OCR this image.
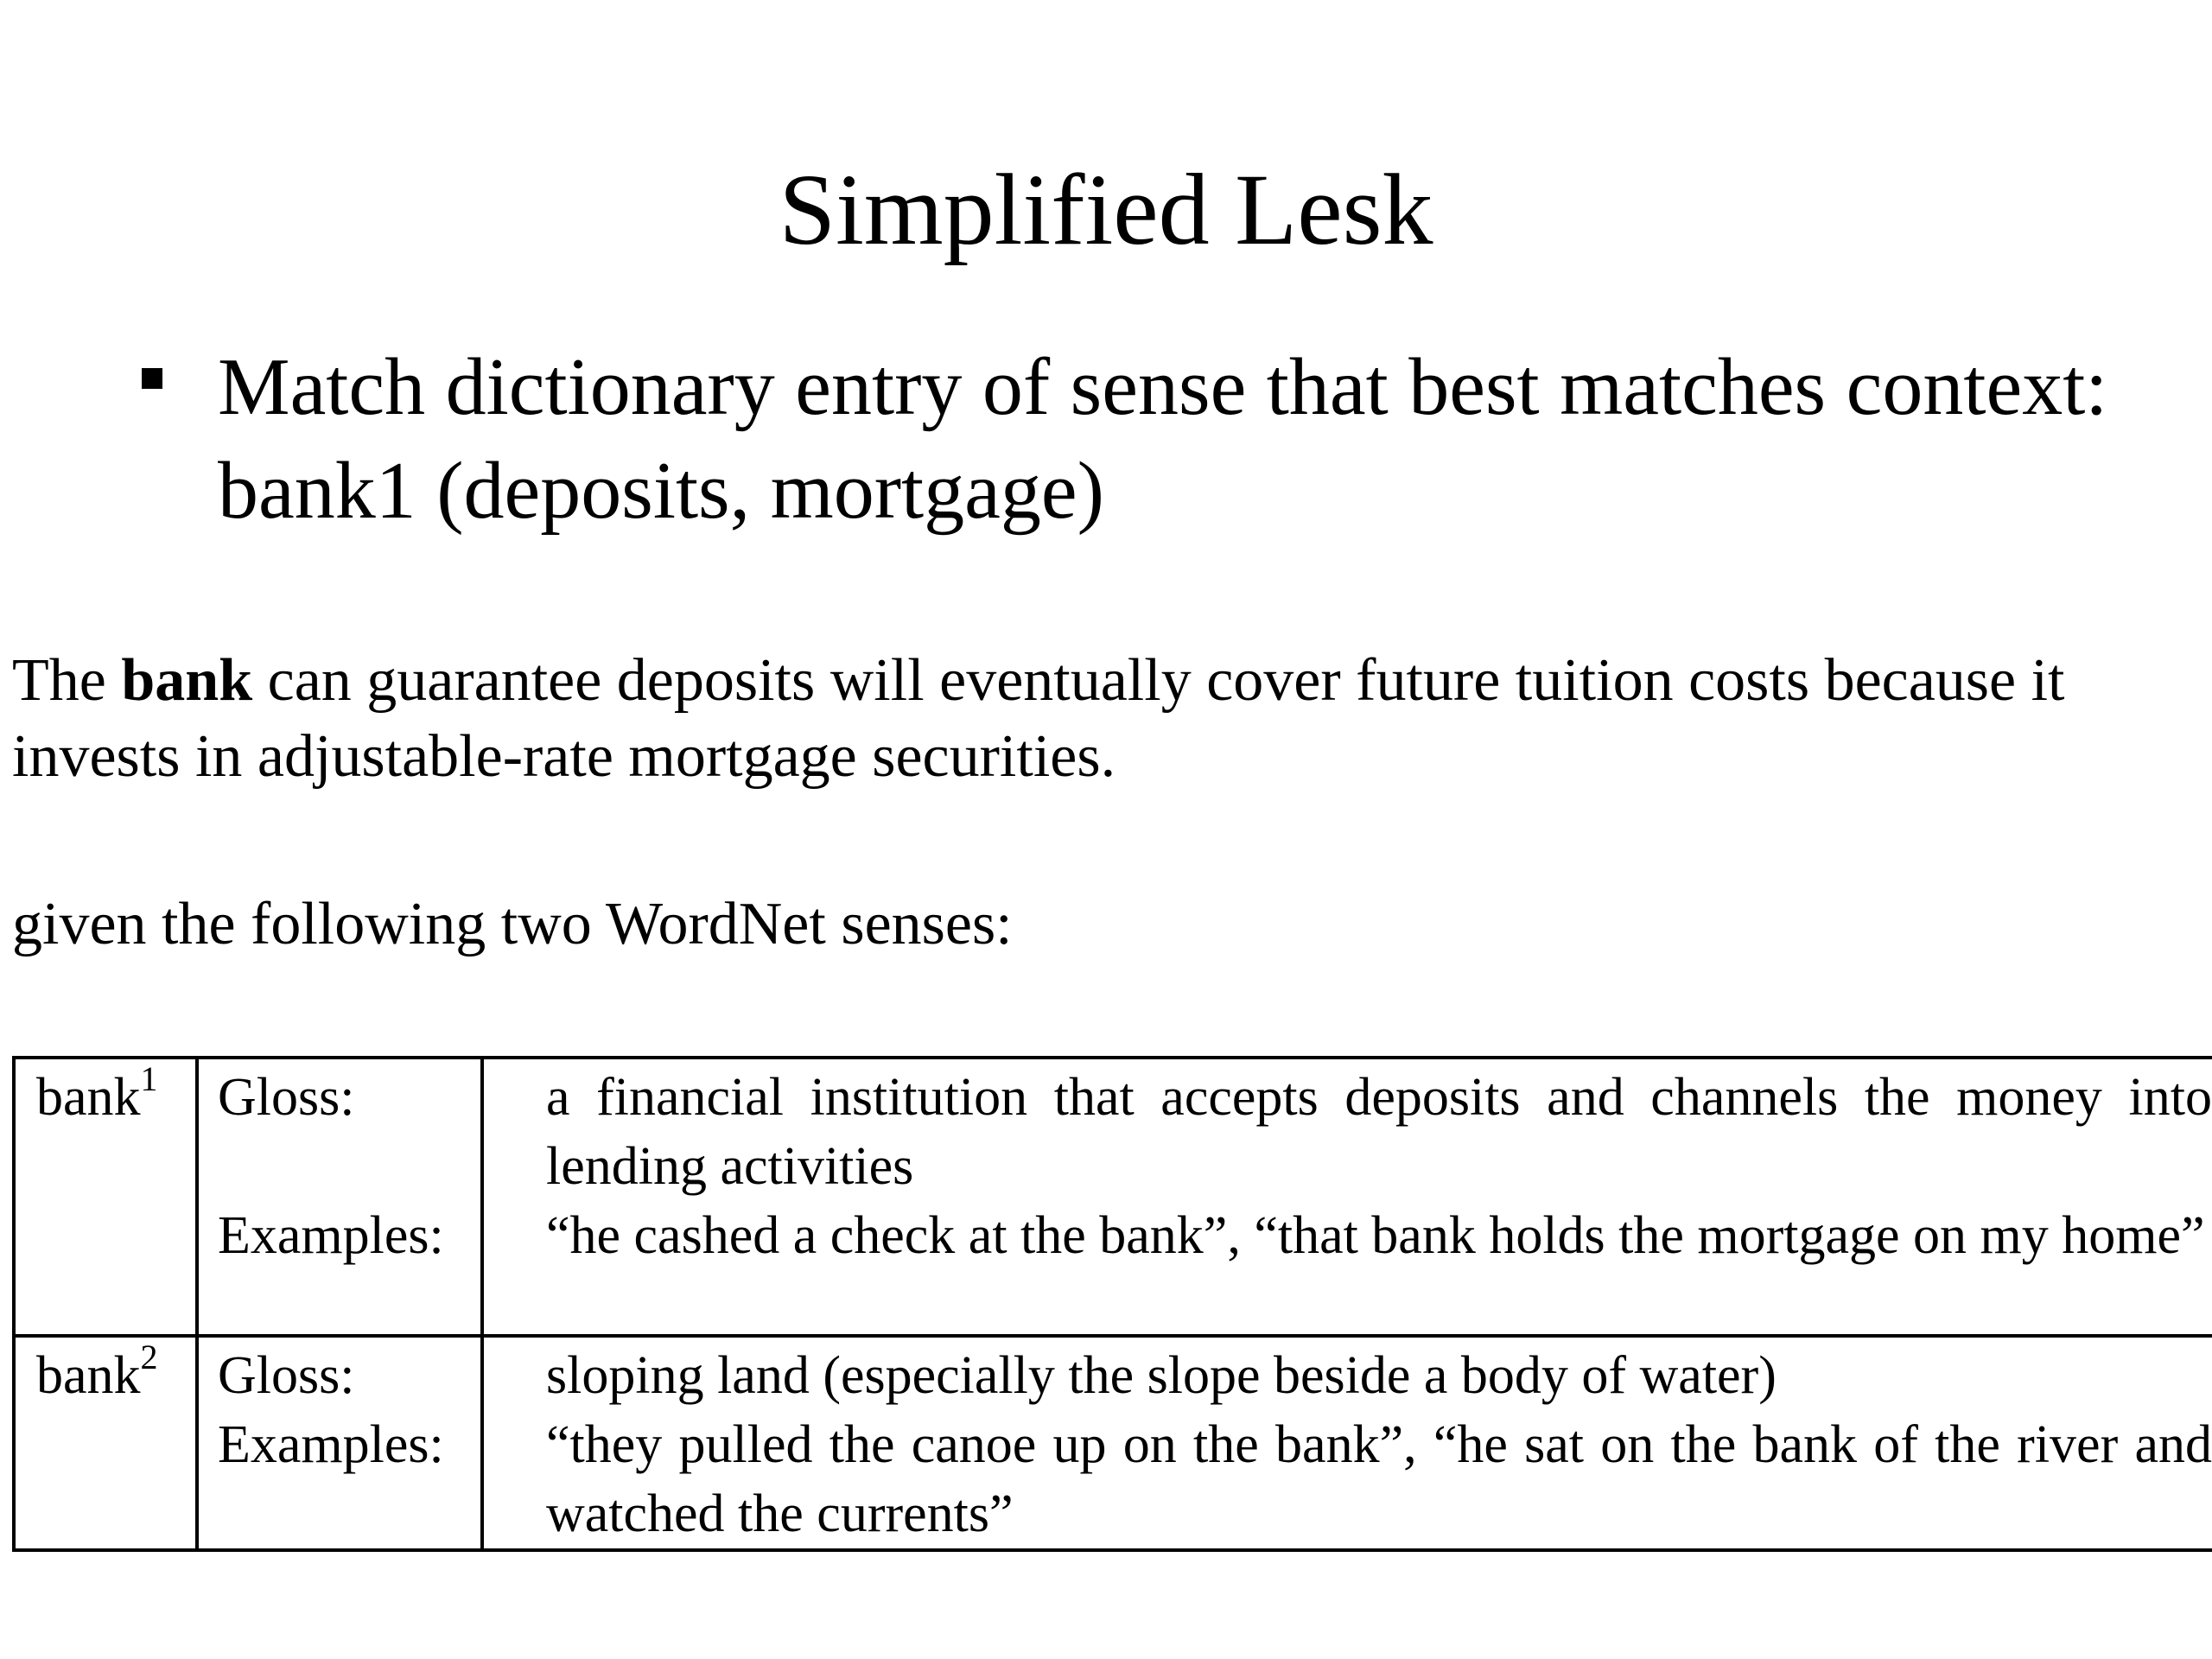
Simplified Lesk
Match dictionary entry of sense that best matches context: bank1 (deposits, mortgage)
The bank can guarantee deposits will eventually cover future tuition costs because it invests in adjustable-rate mortgage securities.
given the following two WordNet senses:
bank$^1$ Gloss:	a financial institution that accepts deposits and channels the money into lending activities
Examples: “he cashed a check at the bank”, “that bank holds the mortgage on my home”
bank$^2$ Gloss:	sloping land (especially the slope beside a body of water)
Examples: “they pulled the canoe up on the bank”, “he sat on the bank of the river and watched the currents”
